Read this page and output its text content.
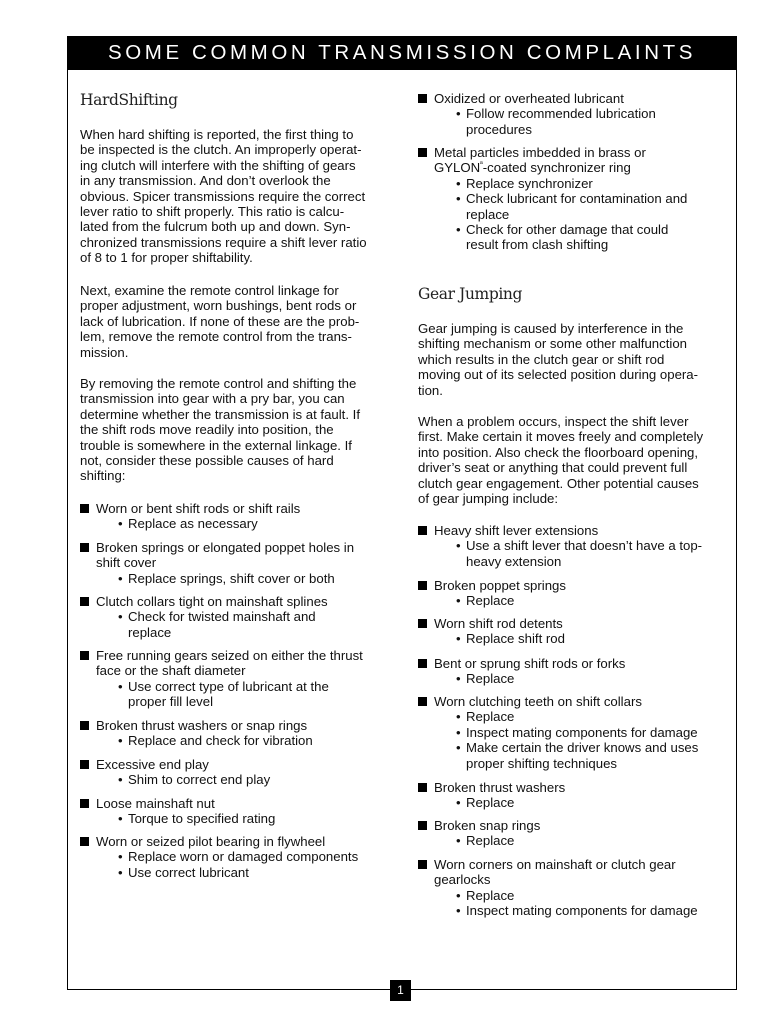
SOME COMMON TRANSMISSION COMPLAINTS
HardShifting
When hard shifting is reported, the first thing to
be inspected is the clutch. An improperly operat-
ing clutch will interfere with the shifting of gears
in any transmission. And don’t overlook the
obvious. Spicer transmissions require the correct
lever ratio to shift properly. This ratio is calcu-
lated from the fulcrum both up and down. Syn-
chronized transmissions require a shift lever ratio
of 8 to 1 for proper shiftability.
Next, examine the remote control linkage for
proper adjustment, worn bushings, bent rods or
lack of lubrication. If none of these are the prob-
lem, remove the remote control from the trans-
mission.
By removing the remote control and shifting the
transmission into gear with a pry bar, you can
determine whether the transmission is at fault. If
the shift rods move readily into position, the
trouble is somewhere in the external linkage. If
not, consider these possible causes of hard
shifting:
Worn or bent shift rods or shift rails
• Replace as necessary
Broken springs or elongated poppet holes in
shift cover
• Replace springs, shift cover or both
Clutch collars tight on mainshaft splines
• Check for twisted mainshaft and
replace
Free running gears seized on either the thrust
face or the shaft diameter
• Use correct type of lubricant at the
proper fill level
Broken thrust washers or snap rings
• Replace and check for vibration
Excessive end play
• Shim to correct end play
Loose mainshaft nut
• Torque to specified rating
Worn or seized pilot bearing in flywheel
• Replace worn or damaged components
• Use correct lubricant
Oxidized or overheated lubricant
• Follow recommended lubrication
procedures
Metal particles imbedded in brass or
$GYLON^ª$-coated synchronizer ring
• Replace synchronizer
• Check lubricant for contamination and
replace
• Check for other damage that could
result from clash shifting
Gear Jumping
Gear jumping is caused by interference in the
shifting mechanism or some other malfunction
which results in the clutch gear or shift rod
moving out of its selected position during opera-
tion.
When a problem occurs, inspect the shift lever
first. Make certain it moves freely and completely
into position. Also check the floorboard opening,
driver’s seat or anything that could prevent full
clutch gear engagement. Other potential causes
of gear jumping include:
Heavy shift lever extensions
• Use a shift lever that doesn’t have a top-
heavy extension
Broken poppet springs
• Replace
Worn shift rod detents
• Replace shift rod
Bent or sprung shift rods or forks
• Replace
Worn clutching teeth on shift collars
• Replace
• Inspect mating components for damage
• Make certain the driver knows and uses
proper shifting techniques
Broken thrust washers
• Replace
Broken snap rings
• Replace
Worn corners on mainshaft or clutch gear
gearlocks
• Replace
• Inspect mating components for damage
1
